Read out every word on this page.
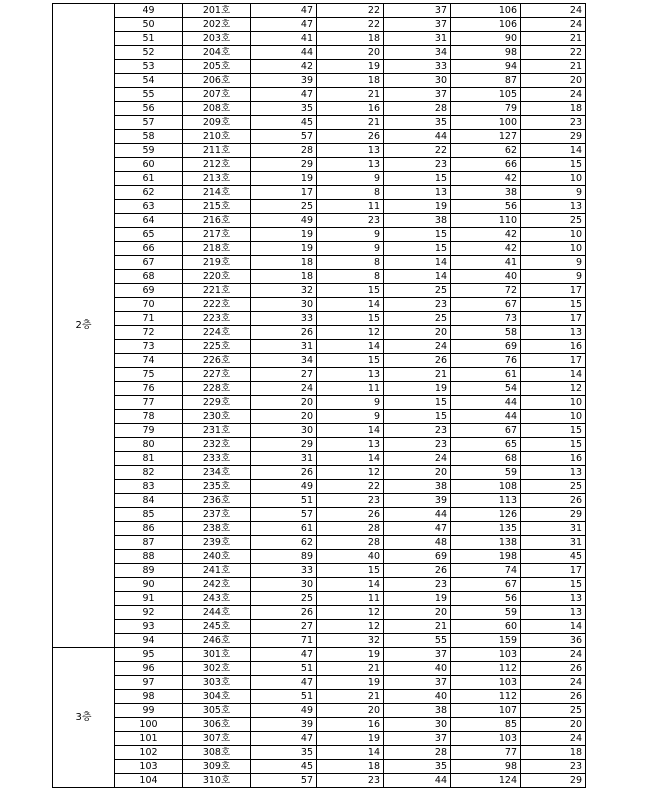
2층	49	201호	47	22	37	106	24
	50	202호	47	22	37	106	24
	51	203호	41	18	31	90	21
	52	204호	44	20	34	98	22
	53	205호	42	19	33	94	21
	54	206호	39	18	30	87	20
	55	207호	47	21	37	105	24
	56	208호	35	16	28	79	18
	57	209호	45	21	35	100	23
	58	210호	57	26	44	127	29
	59	211호	28	13	22	62	14
	60	212호	29	13	23	66	15
	61	213호	19	9	15	42	10
	62	214호	17	8	13	38	9
	63	215호	25	11	19	56	13
	64	216호	49	23	38	110	25
	65	217호	19	9	15	42	10
	66	218호	19	9	15	42	10
	67	219호	18	8	14	41	9
	68	220호	18	8	14	40	9
	69	221호	32	15	25	72	17
	70	222호	30	14	23	67	15
	71	223호	33	15	25	73	17
	72	224호	26	12	20	58	13
	73	225호	31	14	24	69	16
	74	226호	34	15	26	76	17
	75	227호	27	13	21	61	14
	76	228호	24	11	19	54	12
	77	229호	20	9	15	44	10
	78	230호	20	9	15	44	10
	79	231호	30	14	23	67	15
	80	232호	29	13	23	65	15
	81	233호	31	14	24	68	16
	82	234호	26	12	20	59	13
	83	235호	49	22	38	108	25
	84	236호	51	23	39	113	26
	85	237호	57	26	44	126	29
	86	238호	61	28	47	135	31
	87	239호	62	28	48	138	31
	88	240호	89	40	69	198	45
	89	241호	33	15	26	74	17
	90	242호	30	14	23	67	15
	91	243호	25	11	19	56	13
	92	244호	26	12	20	59	13
	93	245호	27	12	21	60	14
	94	246호	71	32	55	159	36
3층	95	301호	47	19	37	103	24
	96	302호	51	21	40	112	26
	97	303호	47	19	37	103	24
	98	304호	51	21	40	112	26
	99	305호	49	20	38	107	25
	100	306호	39	16	30	85	20
	101	307호	47	19	37	103	24
	102	308호	35	14	28	77	18
	103	309호	45	18	35	98	23
	104	310호	57	23	44	124	29
